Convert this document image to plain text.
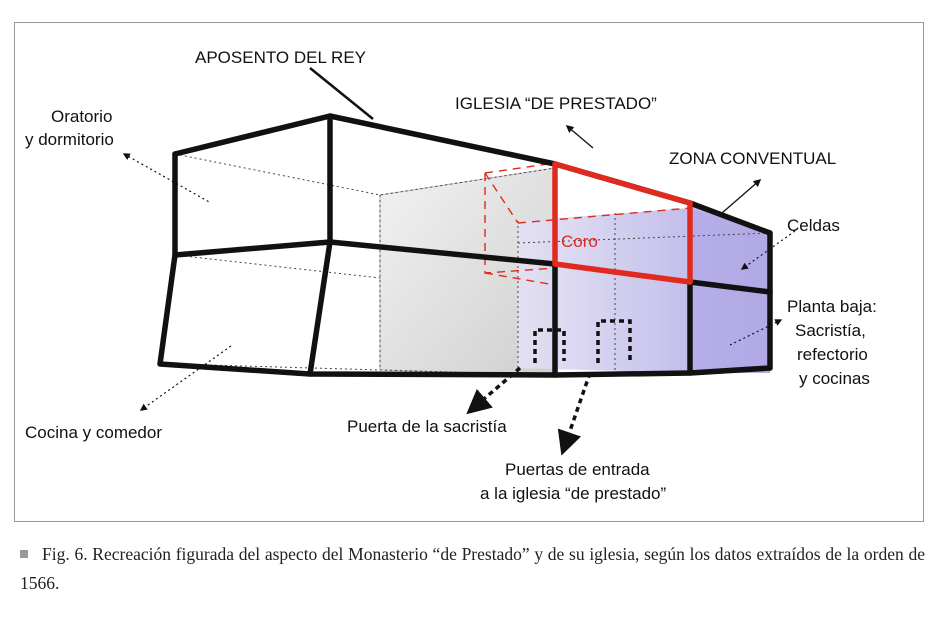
APOSENTO DEL REY
IGLESIA “DE PRESTADO”
ZONA CONVENTUAL
Oratorio
y dormitorio
Celdas
Coro
Planta baja:
Sacristía,
refectorio
y cocinas
Cocina y comedor	Puerta de la sacristía
Puertas de entrada
a la iglesia “de prestado”
Fig. 6. Recreación figurada del aspecto del Monasterio “de Prestado” y de su iglesia, según los datos extraídos de la orden de 1566.
